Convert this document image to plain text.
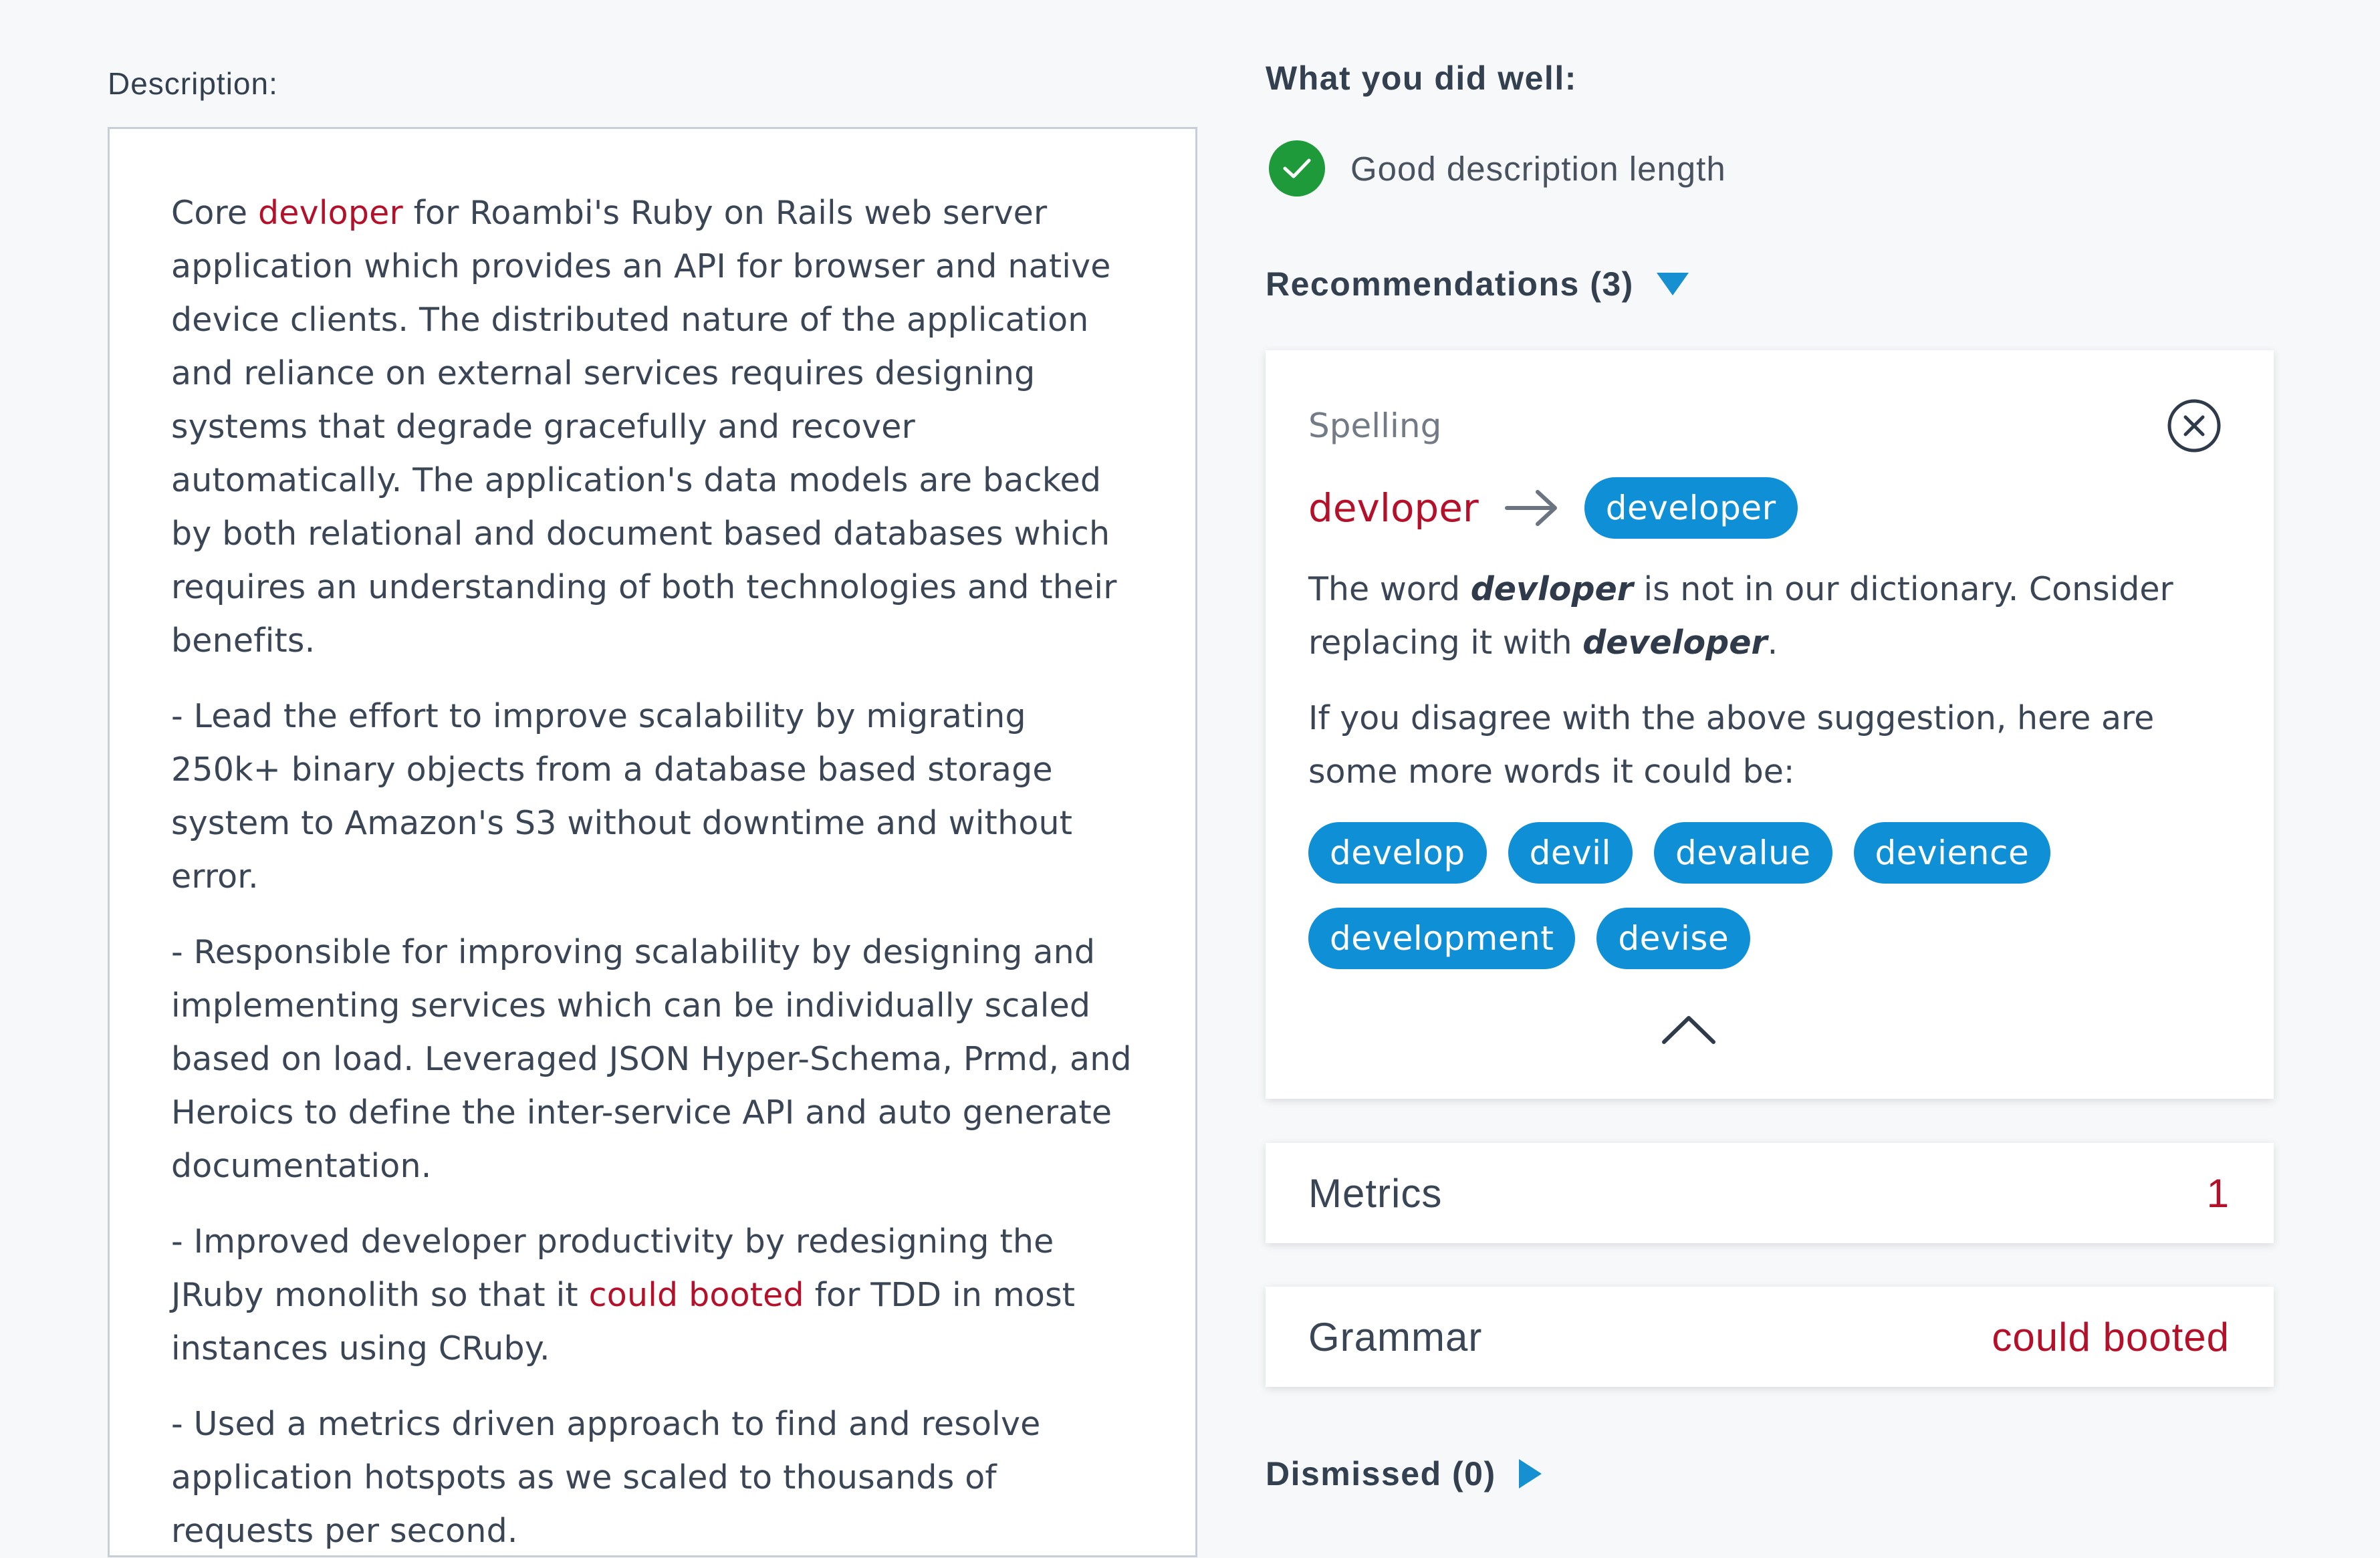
Description:

Core devloper for Roambi's Ruby on Rails web server application which provides an API for browser and native device clients. The distributed nature of the application and reliance on external services requires designing systems that degrade gracefully and recover automatically. The application's data models are backed by both relational and document based databases which requires an understanding of both technologies and their benefits.

- Lead the effort to improve scalability by migrating 250k+ binary objects from a database based storage system to Amazon's S3 without downtime and without error.

- Responsible for improving scalability by designing and implementing services which can be individually scaled based on load. Leveraged JSON Hyper-Schema, Prmd, and Heroics to define the inter-service API and auto generate documentation.

- Improved developer productivity by redesigning the JRuby monolith so that it could booted for TDD in most instances using CRuby.

- Used a metrics driven approach to find and resolve application hotspots as we scaled to thousands of requests per second.

What you did well:
Good description length
Recommendations (3)
Spelling
devloper	developer

The word devloper is not in our dictionary. Consider replacing it with developer.

If you disagree with the above suggestion, here are some more words it could be:

develop	devil	devalue	devience
development	devise
Metrics	1
Grammar	could booted
Dismissed (0)
